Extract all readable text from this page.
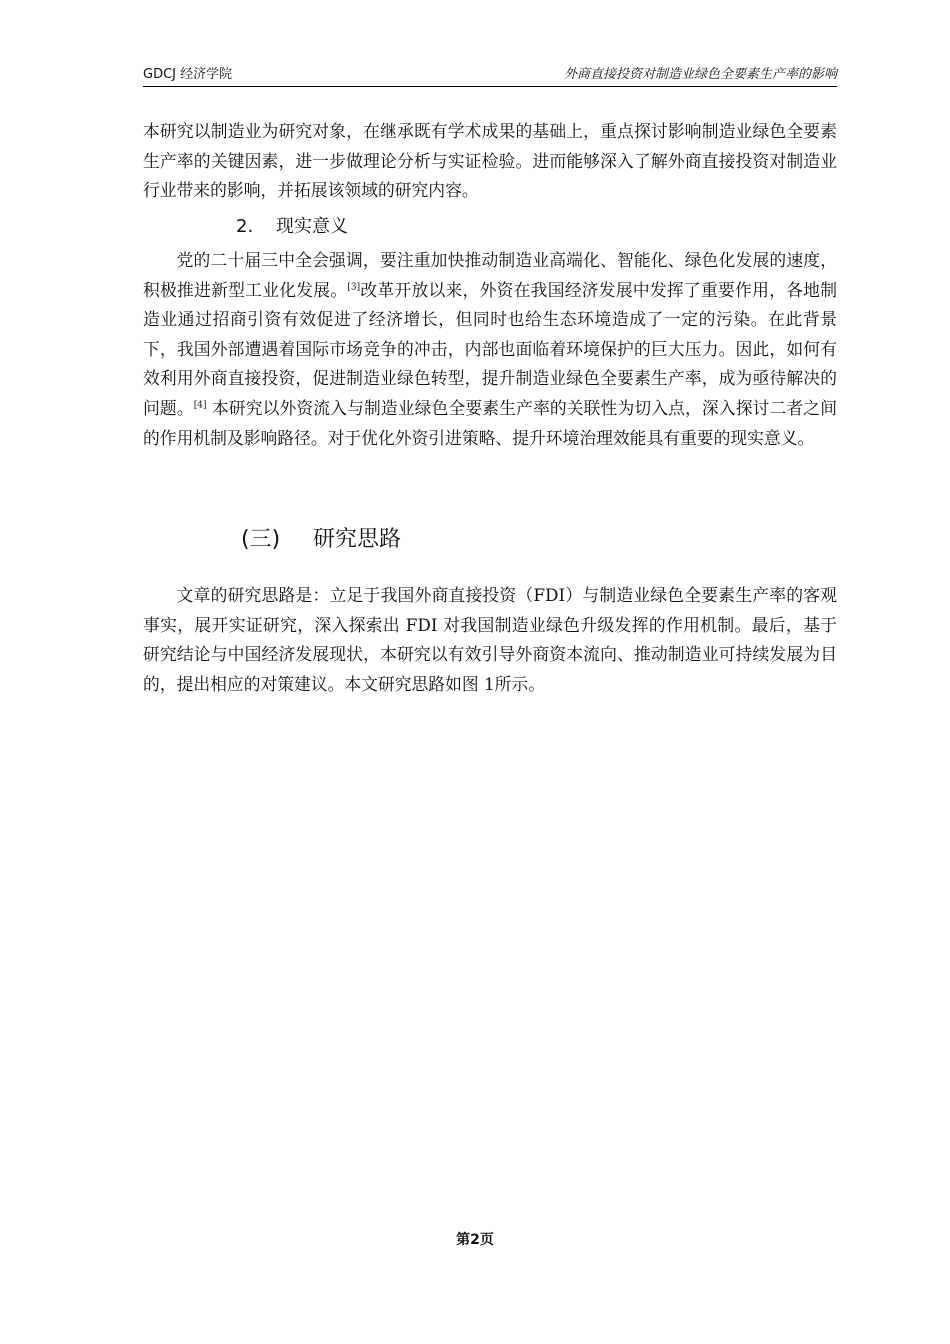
GDCJ 经济学院	外商直接投资对制造业绿色全要素生产率的影响

本研究以制造业为研究对象，在继承既有学术成果的基础上，重点探讨影响制造业绿色全要素生产率的关键因素，进一步做理论分析与实证检验。进而能够深入了解外商直接投资对制造业行业带来的影响，并拓展该领域的研究内容。

2. 现实意义

党的二十届三中全会强调，要注重加快推动制造业高端化、智能化、绿色化发展的速度，积极推进新型工业化发展。[3]改革开放以来，外资在我国经济发展中发挥了重要作用，各地制造业通过招商引资有效促进了经济增长，但同时也给生态环境造成了一定的污染。在此背景下，我国外部遭遇着国际市场竞争的冲击，内部也面临着环境保护的巨大压力。因此，如何有效利用外商直接投资，促进制造业绿色转型，提升制造业绿色全要素生产率，成为亟待解决的问题。[4] 本研究以外资流入与制造业绿色全要素生产率的关联性为切入点，深入探讨二者之间的作用机制及影响路径。对于优化外资引进策略、提升环境治理效能具有重要的现实意义。

(三) 研究思路

文章的研究思路是：立足于我国外商直接投资（FDI）与制造业绿色全要素生产率的客观事实，展开实证研究，深入探索出 FDI 对我国制造业绿色升级发挥的作用机制。最后，基于研究结论与中国经济发展现状，本研究以有效引导外商资本流向、推动制造业可持续发展为目的，提出相应的对策建议。本文研究思路如图 1所示。

第2页
